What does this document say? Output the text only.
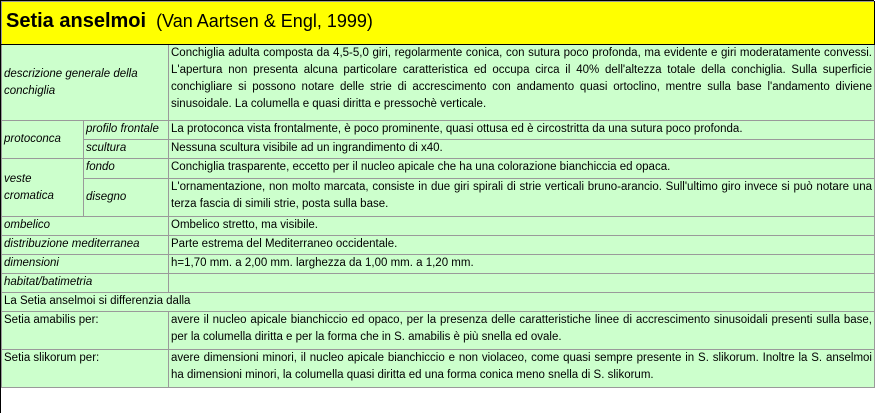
Setia anselmoi (Van Aartsen & Engl, 1999)		
descrizione generale della conchiglia		Conchiglia adulta composta da 4,5-5,0 giri, regolarmente conica, con sutura poco profonda, ma evidente e giri moderatamente convessi. L'apertura non presenta alcuna particolare caratteristica ed occupa circa il 40% dell'altezza totale della conchiglia. Sulla superficie conchigliare si possono notare delle strie di accrescimento con andamento quasi ortoclino, mentre sulla base l'andamento diviene sinusoidale. La columella e quasi diritta e pressochè verticale.
protoconca	profilo frontale	La protoconca vista frontalmente, è poco prominente, quasi ottusa ed è circostritta da una sutura poco profonda.
	scultura	Nessuna scultura visibile ad un ingrandimento di x40.
veste cromatica	fondo	Conchiglia trasparente, eccetto per il nucleo apicale che ha una colorazione bianchiccia ed opaca.
	disegno	L'ornamentazione, non molto marcata, consiste in due giri spirali di strie verticali bruno-arancio. Sull'ultimo giro invece si può notare una terza fascia di simili strie, posta sulla base.
ombelico		Ombelico stretto, ma visibile.
distribuzione mediterranea		Parte estrema del Mediterraneo occidentale.
dimensioni		h=1,70 mm. a 2,00 mm. larghezza da 1,00 mm. a 1,20 mm.
habitat/batimetria		
La Setia anselmoi si differenzia dalla		
Setia amabilis per:		avere il nucleo apicale bianchiccio ed opaco, per la presenza delle caratteristiche linee di accrescimento sinusoidali presenti sulla base, per la columella diritta e per la forma che in S. amabilis è più snella ed ovale.
Setia slikorum per:		avere dimensioni minori, il nucleo apicale bianchiccio e non violaceo, come quasi sempre presente in S. slikorum. Inoltre la S. anselmoi ha dimensioni minori, la columella quasi diritta ed una forma conica meno snella di S. slikorum.
